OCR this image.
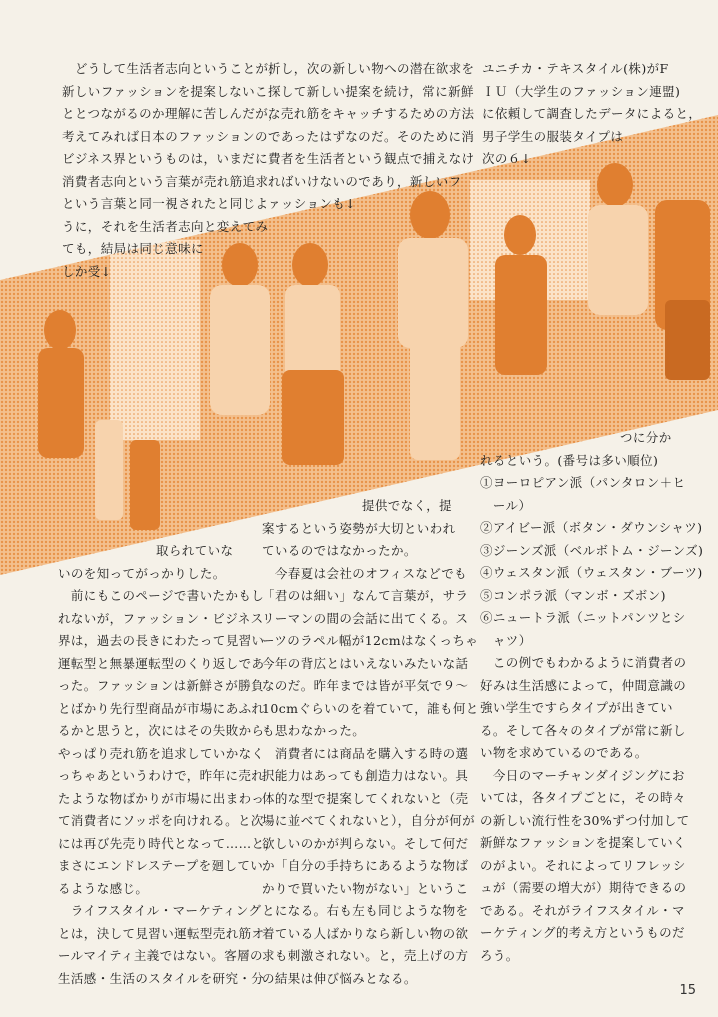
　どうして生活者志向ということが，

新しいファッションを提案しないこ

ととつながるのか理解に苦しんだが，

考えてみれば日本のファッションの

ビジネス界というものは，いまだに

消費者志向という言葉が売れ筋追求

という言葉と同一視されたと同じよ

うに，それを生活者志向と変えてみ

ても，結局は同じ意味に

しか受↓

析し，次の新しい物への潜在欲求を

探して新しい提案を続け，常に新鮮

な売れ筋をキャッチするための方法

であったはずなのだ。そのために消

費者を生活者という観点で捕えなけ

ればいけないのであり，新しいフ

ァッションも↓

ユニチカ・テキスタイル(株)がF

ＩＵ（大学生のファッション連盟)

に依頼して調査したデータによると，

男子学生の服装タイプは

次の６↓

取られていな

いのを知ってがっかりした。

　前にもこのページで書いたかもし

れないが，ファッション・ビジネス

界は，過去の長きにわたって見習い

運転型と無暴運転型のくり返しであ

った。ファッションは新鮮さが勝負

とばかり先行型商品が市場にあふれ

るかと思うと，次にはその失敗から

やっぱり売れ筋を追求していかなく

っちゃあというわけで，昨年に売れ

たような物ばかりが市場に出まわっ

て消費者にソッポを向けれる。と次

には再び先売り時代となって……と，

まさにエンドレステープを廻してい

るような感じ。

　ライフスタイル・マーケティング

とは，決して見習い運転型売れ筋オ

ールマイティ主義ではない。客層の

生活感・生活のスタイルを研究・分

提供でなく，提

案するという姿勢が大切といわれ

ているのではなかったか。

　今春夏は会社のオフィスなどでも

「君のは細い」なんて言葉が，サラ

リーマンの間の会話に出てくる。ス

ーツのラペル幅が12cmはなくっちゃ

今年の背広とはいえないみたいな話

なのだ。昨年までは皆が平気で９～

10cmぐらいのを着ていて，誰も何と

も思わなかった。

　消費者には商品を購入する時の選

択能力はあっても創造力はない。具

体的な型で提案してくれないと（売

場に並べてくれないと），自分が何が

欲しいのかが判らない。そして何だ

か「自分の手持ちにあるような物ば

かりで買いたい物がない」というこ

とになる。右も左も同じような物を

着ている人ばかりなら新しい物の欲

求も刺激されない。と，売上げの方

の結果は伸び悩みとなる。

つに分か

れるという。(番号は多い順位)

①ヨーロピアン派（パンタロン＋ヒ

　ール）

②アイビー派（ボタン・ダウンシャツ)

③ジーンズ派（ベルボトム・ジーンズ)

④ウェスタン派（ウェスタン・ブーツ)

⑤コンポラ派（マンボ・ズボン)

⑥ニュートラ派（ニットパンツとシ

　ャツ）

　この例でもわかるように消費者の

好みは生活感によって，仲間意識の

強い学生ですらタイプが出きてい

る。そして各々のタイプが常に新し

い物を求めているのである。

　今日のマーチャンダイジングにお

いては，各タイプごとに，その時々

の新しい流行性を30%ずつ付加して

新鮮なファッションを提案していく

のがよい。それによってリフレッシ

ュが（需要の増大が）期待できるの

である。それがライフスタイル・マ

ーケティング的考え方というものだ

ろう。

15
